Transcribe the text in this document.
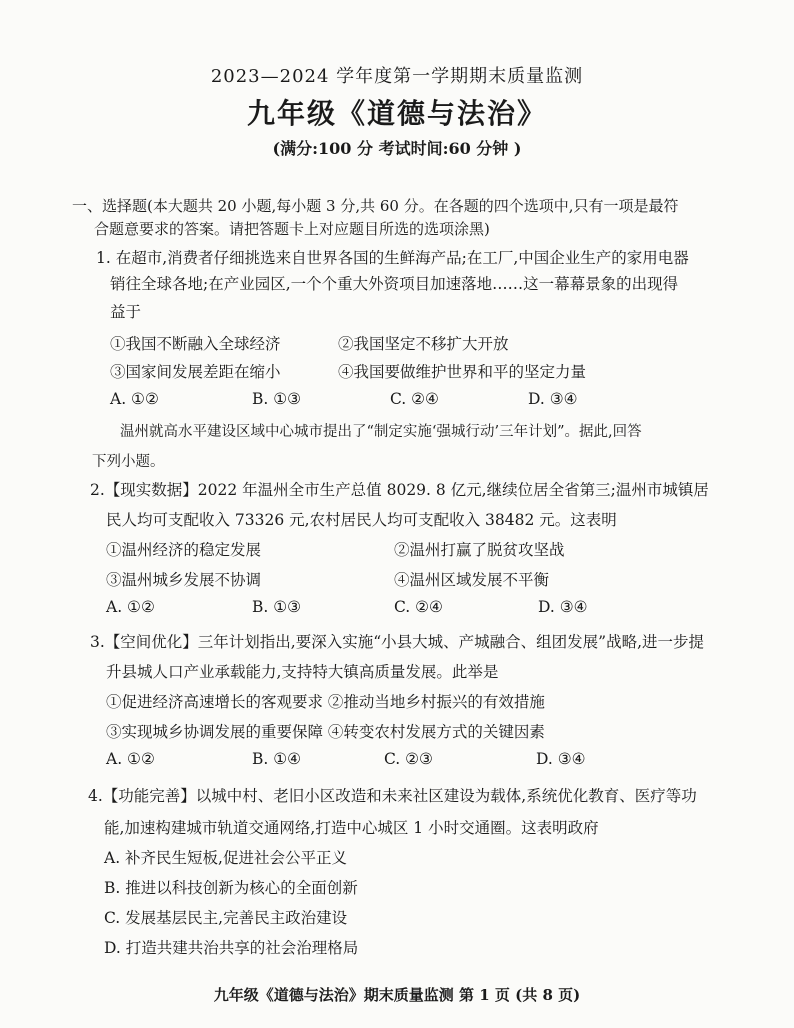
2023—2024 学年度第一学期期末质量监测
九年级《道德与法治》
(满分:100 分 考试时间:60 分钟 )
一、选择题(本大题共 20 小题,每小题 3 分,共 60 分。在各题的四个选项中,只有一项是最符
合题意要求的答案。请把答题卡上对应题目所选的选项涂黑)
1. 在超市,消费者仔细挑选来自世界各国的生鲜海产品;在工厂,中国企业生产的家用电器
销往全球各地;在产业园区,一个个重大外资项目加速落地……这一幕幕景象的出现得
益于
①我国不断融入全球经济	②我国坚定不移扩大开放
③国家间发展差距在缩小	④我国要做维护世界和平的坚定力量
A. ①②	B. ①③	C. ②④	D. ③④
温州就高水平建设区域中心城市提出了“制定实施‘强城行动’三年计划”。据此,回答
下列小题。
2.【现实数据】2022 年温州全市生产总值 8029. 8 亿元,继续位居全省第三;温州市城镇居
民人均可支配收入 73326 元,农村居民人均可支配收入 38482 元。这表明
①温州经济的稳定发展	②温州打赢了脱贫攻坚战
③温州城乡发展不协调	④温州区域发展不平衡
A. ①②	B. ①③	C. ②④	D. ③④
3.【空间优化】三年计划指出,要深入实施“小县大城、产城融合、组团发展”战略,进一步提
升县城人口产业承载能力,支持特大镇高质量发展。此举是
①促进经济高速增长的客观要求 ②推动当地乡村振兴的有效措施
③实现城乡协调发展的重要保障 ④转变农村发展方式的关键因素
A. ①②	B. ①④	C. ②③	D. ③④
4.【功能完善】以城中村、老旧小区改造和未来社区建设为载体,系统优化教育、医疗等功
能,加速构建城市轨道交通网络,打造中心城区 1 小时交通圈。这表明政府
A. 补齐民生短板,促进社会公平正义
B. 推进以科技创新为核心的全面创新
C. 发展基层民主,完善民主政治建设
D. 打造共建共治共享的社会治理格局
九年级《道德与法治》期末质量监测 第 1 页 (共 8 页)
